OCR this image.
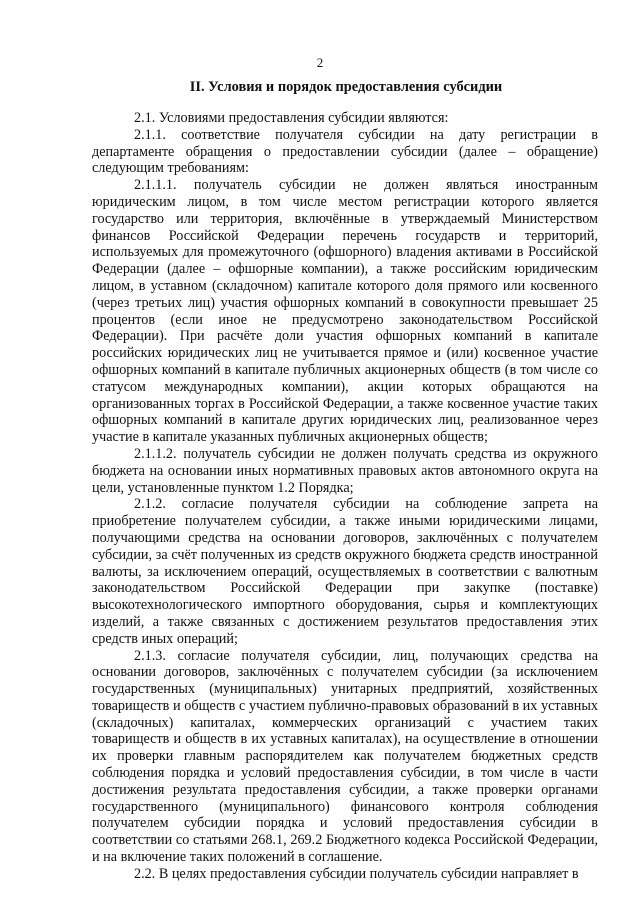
2
II. Условия и порядок предоставления субсидии

2.1. Условиями предоставления субсидии являются:

2.1.1. соответствие получателя субсидии на дату регистрации в департаменте обращения о предоставлении субсидии (далее – обращение) следующим требованиям:

2.1.1.1. получатель субсидии не должен являться иностранным юридическим лицом, в том числе местом регистрации которого является государство или территория, включённые в утверждаемый Министерством финансов Российской Федерации перечень государств и территорий, используемых для промежуточного (офшорного) владения активами в Российской Федерации (далее – офшорные компании), а также российским юридическим лицом, в уставном (складочном) капитале которого доля прямого или косвенного (через третьих лиц) участия офшорных компаний в совокупности превышает 25 процентов (если иное не предусмотрено законодательством Российской Федерации). При расчёте доли участия офшорных компаний в капитале российских юридических лиц не учитывается прямое и (или) косвенное участие офшорных компаний в капитале публичных акционерных обществ (в том числе со статусом международных компании), акции которых обращаются на организованных торгах в Российской Федерации, а также косвенное участие таких офшорных компаний в капитале других юридических лиц, реализованное через участие в капитале указанных публичных акционерных обществ;

2.1.1.2. получатель субсидии не должен получать средства из окружного бюджета на основании иных нормативных правовых актов автономного округа на цели, установленные пунктом 1.2 Порядка;

2.1.2. согласие получателя субсидии на соблюдение запрета на приобретение получателем субсидии, а также иными юридическими лицами, получающими средства на основании договоров, заключённых с получателем субсидии, за счёт полученных из средств окружного бюджета средств иностранной валюты, за исключением операций, осуществляемых в соответствии с валютным законодательством Российской Федерации при закупке (поставке) высокотехнологического импортного оборудования, сырья и комплектующих изделий, а также связанных с достижением результатов предоставления этих средств иных операций;

2.1.3. согласие получателя субсидии, лиц, получающих средства на основании договоров, заключённых с получателем субсидии (за исключением государственных (муниципальных) унитарных предприятий, хозяйственных товариществ и обществ с участием публично-правовых образований в их уставных (складочных) капиталах, коммерческих организаций с участием таких товариществ и обществ в их уставных капиталах), на осуществление в отношении их проверки главным распорядителем как получателем бюджетных средств соблюдения порядка и условий предоставления субсидии, в том числе в части достижения результата предоставления субсидии, а также проверки органами государственного (муниципального) финансового контроля соблюдения получателем субсидии порядка и условий предоставления субсидии в соответствии со статьями 268.1, 269.2 Бюджетного кодекса Российской Федерации, и на включение таких положений в соглашение.

2.2. В целях предоставления субсидии получатель субсидии направляет в
